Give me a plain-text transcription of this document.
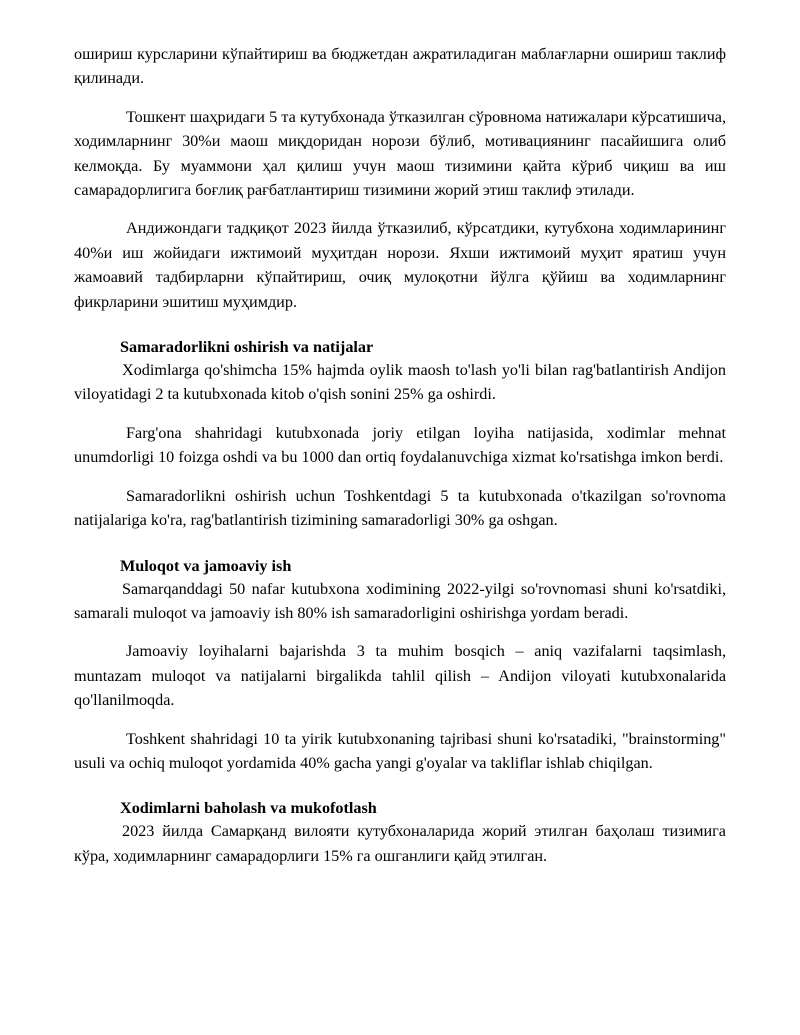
ошириш курсларини кўпайтириш ва бюджетдан ажратиладиган маблағларни ошириш таклиф қилинади.

Тошкент шаҳридаги 5 та кутубхонада ўтказилган сўровнома натижалари кўрсатишича, ходимларнинг 30%и маош миқдоридан норози бўлиб, мотивациянинг пасайишига олиб келмоқда. Бу муаммони ҳал қилиш учун маош тизимини қайта кўриб чиқиш ва иш самарадорлигига боғлиқ рағбатлантириш тизимини жорий этиш таклиф этилади.

Андижондаги тадқиқот 2023 йилда ўтказилиб, кўрсатдики, кутубхона ходимларининг 40%и иш жойидаги ижтимоий муҳитдан норози. Яхши ижтимоий муҳит яратиш учун жамоавий тадбирларни кўпайтириш, очиқ мулоқотни йўлга қўйиш ва ходимларнинг фикрларини эшитиш муҳимдир.

Samaradorlikni oshirish va natijalar

Xodimlarga qo'shimcha 15% hajmda oylik maosh to'lash yo'li bilan rag'batlantirish Andijon viloyatidagi 2 ta kutubxonada kitob o'qish sonini 25% ga oshirdi.

Farg'ona shahridagi kutubxonada joriy etilgan loyiha natijasida, xodimlar mehnat unumdorligi 10 foizga oshdi va bu 1000 dan ortiq foydalanuvchiga xizmat ko'rsatishga imkon berdi.

Samaradorlikni oshirish uchun Toshkentdagi 5 ta kutubxonada o'tkazilgan so'rovnoma natijalariga ko'ra, rag'batlantirish tizimining samaradorligi 30% ga oshgan.

Muloqot va jamoaviy ish

Samarqanddagi 50 nafar kutubxona xodimining 2022-yilgi so'rovnomasi shuni ko'rsatdiki, samarali muloqot va jamoaviy ish 80% ish samaradorligini oshirishga yordam beradi.

Jamoaviy loyihalarni bajarishda 3 ta muhim bosqich – aniq vazifalarni taqsimlash, muntazam muloqot va natijalarni birgalikda tahlil qilish – Andijon viloyati kutubxonalarida qo'llanilmoqda.

Toshkent shahridagi 10 ta yirik kutubxonaning tajribasi shuni ko'rsatadiki, "brainstorming" usuli va ochiq muloqot yordamida 40% gacha yangi g'oyalar va takliflar ishlab chiqilgan.

Xodimlarni baholash va mukofotlash

2023 йилда Самарқанд вилояти кутубхоналарида жорий этилган баҳолаш тизимига кўра, ходимларнинг самарадорлиги 15% га ошганлиги қайд этилган.
